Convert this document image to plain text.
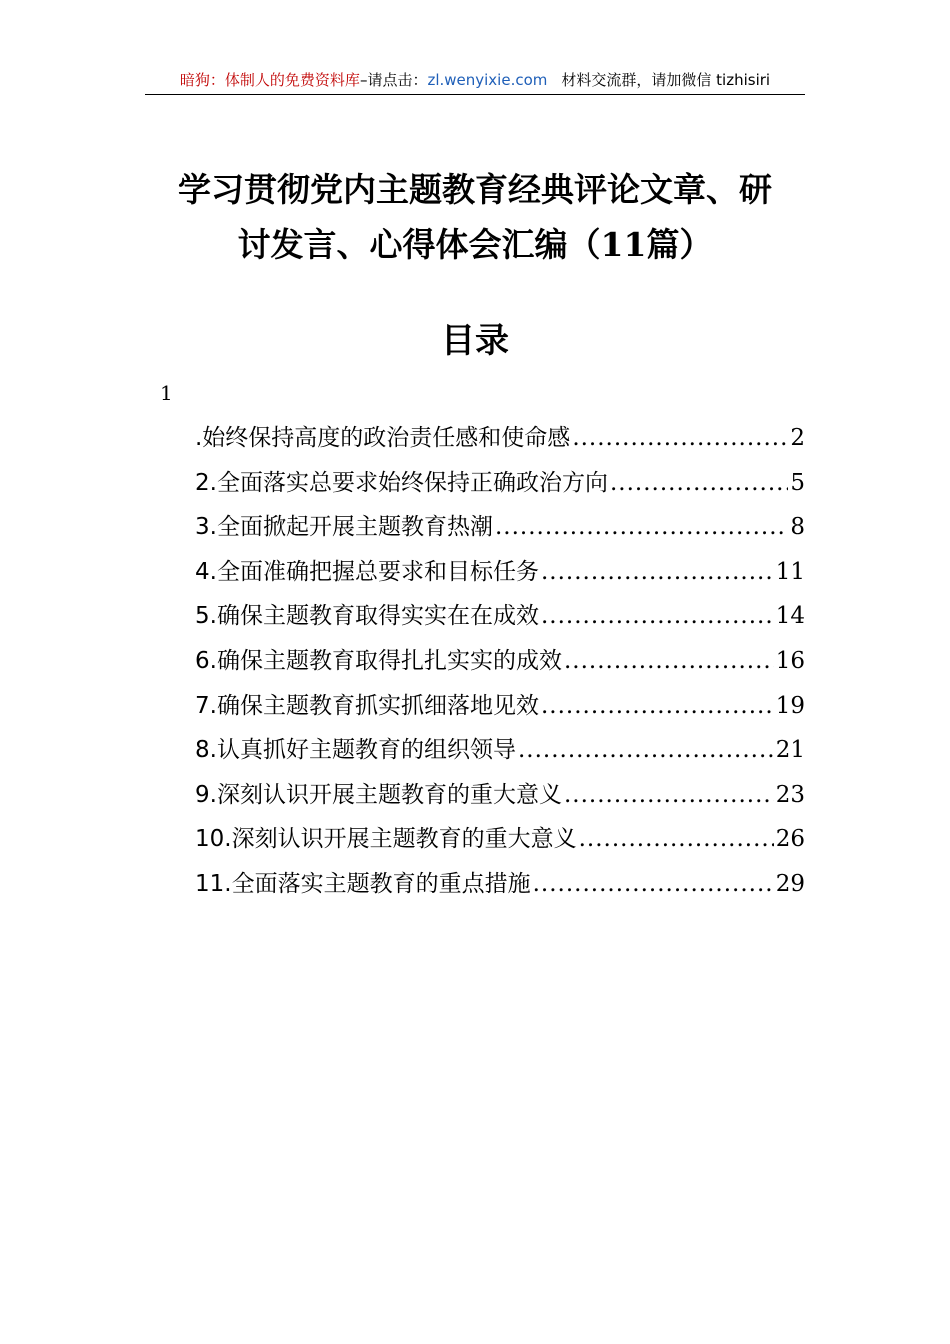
暗狗：体制人的免费资料库–请点击：zl.wenyixie.com 材料交流群，请加微信 tizhisiri
学习贯彻党内主题教育经典评论文章、研
讨发言、心得体会汇编（11篇）
目录
1
.始终保持高度的政治责任感和使命感 .....	2
2.全面落实总要求始终保持正确政治方向 .....	5
3.全面掀起开展主题教育热潮 .....	8
4.全面准确把握总要求和目标任务 .....	11
5.确保主题教育取得实实在在成效 .....	14
6.确保主题教育取得扎扎实实的成效 .....	16
7.确保主题教育抓实抓细落地见效 .....	19
8.认真抓好主题教育的组织领导 .....	21
9.深刻认识开展主题教育的重大意义 .....	23
10.深刻认识开展主题教育的重大意义 .....	26
11.全面落实主题教育的重点措施 .....	29
